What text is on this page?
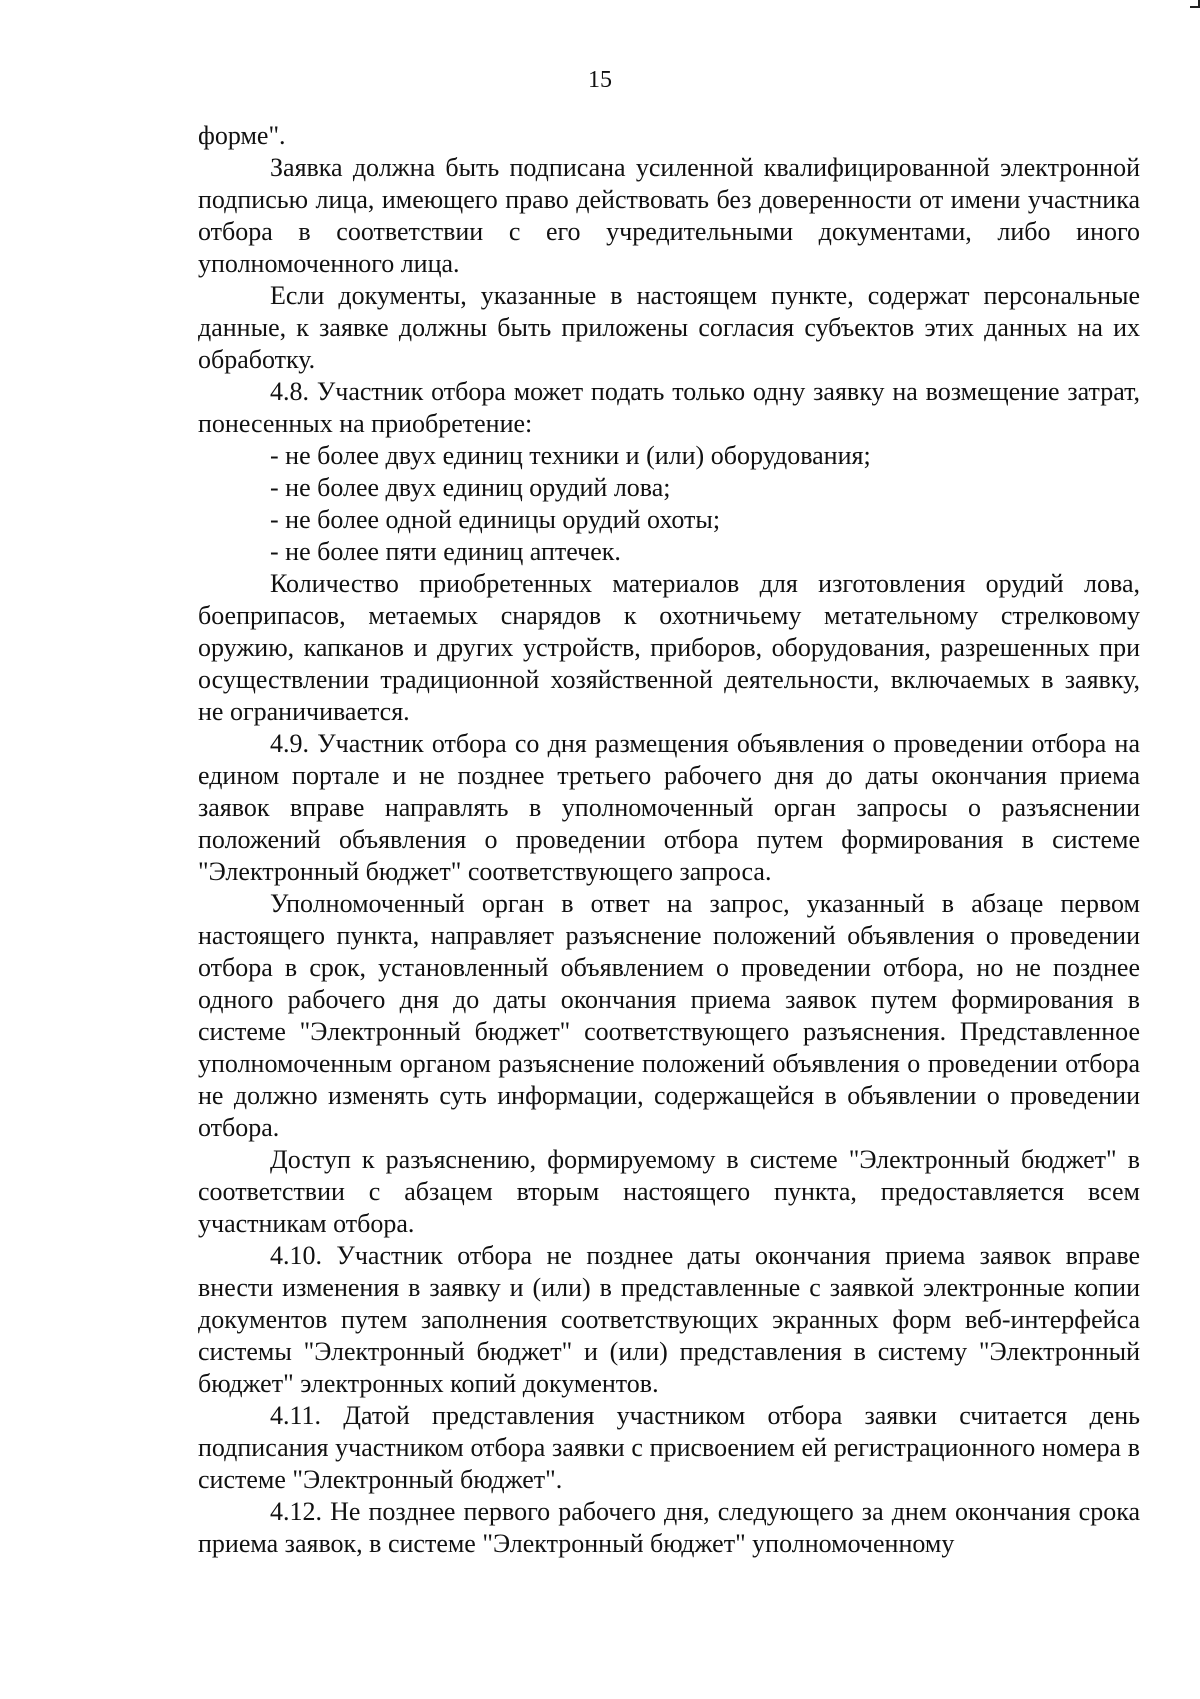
15

форме".

Заявка должна быть подписана усиленной квалифицированной электронной подписью лица, имеющего право действовать без доверенности от имени участника отбора в соответствии с его учредительными документами, либо иного уполномоченного лица.

Если документы, указанные в настоящем пункте, содержат персональные данные, к заявке должны быть приложены согласия субъектов этих данных на их обработку.

4.8. Участник отбора может подать только одну заявку на возмещение затрат, понесенных на приобретение:

- не более двух единиц техники и (или) оборудования;

- не более двух единиц орудий лова;

- не более одной единицы орудий охоты;

- не более пяти единиц аптечек.

Количество приобретенных материалов для изготовления орудий лова, боеприпасов, метаемых снарядов к охотничьему метательному стрелковому оружию, капканов и других устройств, приборов, оборудования, разрешенных при осуществлении традиционной хозяйственной деятельности, включаемых в заявку, не ограничивается.

4.9. Участник отбора со дня размещения объявления о проведении отбора на едином портале и не позднее третьего рабочего дня до даты окончания приема заявок вправе направлять в уполномоченный орган запросы о разъяснении положений объявления о проведении отбора путем формирования в системе "Электронный бюджет" соответствующего запроса.

Уполномоченный орган в ответ на запрос, указанный в абзаце первом настоящего пункта, направляет разъяснение положений объявления о проведении отбора в срок, установленный объявлением о проведении отбора, но не позднее одного рабочего дня до даты окончания приема заявок путем формирования в системе "Электронный бюджет" соответствующего разъяснения. Представленное уполномоченным органом разъяснение положений объявления о проведении отбора не должно изменять суть информации, содержащейся в объявлении о проведении отбора.

Доступ к разъяснению, формируемому в системе "Электронный бюджет" в соответствии с абзацем вторым настоящего пункта, предоставляется всем участникам отбора.

4.10. Участник отбора не позднее даты окончания приема заявок вправе внести изменения в заявку и (или) в представленные с заявкой электронные копии документов путем заполнения соответствующих экранных форм веб-интерфейса системы "Электронный бюджет" и (или) представления в систему "Электронный бюджет" электронных копий документов.

4.11. Датой представления участником отбора заявки считается день подписания участником отбора заявки с присвоением ей регистрационного номера в системе "Электронный бюджет".

4.12. Не позднее первого рабочего дня, следующего за днем окончания срока приема заявок, в системе "Электронный бюджет" уполномоченному
